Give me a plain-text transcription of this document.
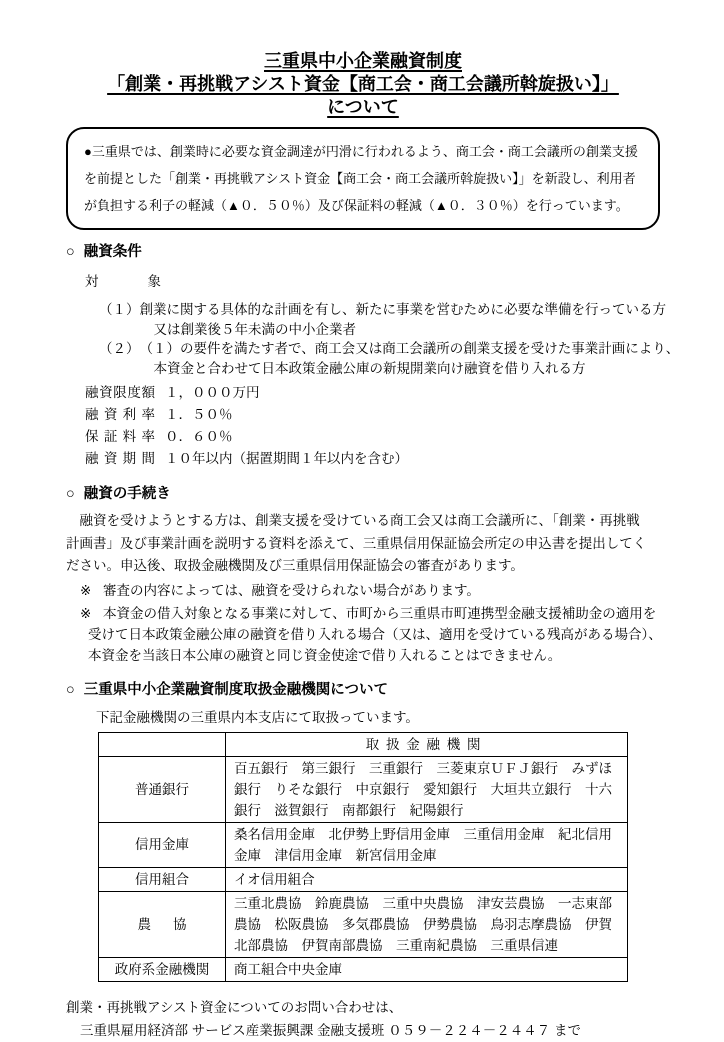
三重県中小企業融資制度
「創業・再挑戦アシスト資金【商工会・商工会議所斡旋扱い】」
について
●三重県では、創業時に必要な資金調達が円滑に行われるよう、商工会・商工会議所の創業支援
を前提とした「創業・再挑戦アシスト資金【商工会・商工会議所斡旋扱い】」を新設し、利用者
が負担する利子の軽減（▲０．５０％）及び保証料の軽減（▲０．３０％）を行っています。
○ 融資条件
対象
（１） 創業に関する具体的な計画を有し、新たに事業を営むために必要な準備を行っている方
又は創業後５年未満の中小企業者
（２） （１）の要件を満たす者で、商工会又は商工会議所の創業支援を受けた事業計画により、
本資金と合わせて日本政策金融公庫の新規開業向け融資を借り入れる方
融資限度額 １，０００万円
融資利率 １．５０％
保証料率 ０．６０％
融資期間 １０年以内（据置期間１年以内を含む）
○ 融資の手続き
　融資を受けようとする方は、創業支援を受けている商工会又は商工会議所に、「創業・再挑戦
計画書」及び事業計画を説明する資料を添えて、三重県信用保証協会所定の申込書を提出してく
ださい。申込後、取扱金融機関及び三重県信用保証協会の審査があります。
※ 審査の内容によっては、融資を受けられない場合があります。
※ 本資金の借入対象となる事業に対して、市町から三重県市町連携型金融支援補助金の適用を
受けて日本政策金融公庫の融資を借り入れる場合（又は、適用を受けている残高がある場合）、
本資金を当該日本公庫の融資と同じ資金使途で借り入れることはできません。
○ 三重県中小企業融資制度取扱金融機関について
下記金融機関の三重県内本支店にて取扱っています。
	取扱金融機関
普通銀行	百五銀行　第三銀行　三重銀行　三菱東京ＵＦＪ銀行　みずほ銀行　りそな銀行　中京銀行　愛知銀行　大垣共立銀行　十六銀行　滋賀銀行　南都銀行　紀陽銀行
信用金庫	桑名信用金庫　北伊勢上野信用金庫　三重信用金庫　紀北信用金庫　津信用金庫　新宮信用金庫
信用組合	イオ信用組合
農協	三重北農協　鈴鹿農協　三重中央農協　津安芸農協　一志東部農協　松阪農協　多気郡農協　伊勢農協　鳥羽志摩農協　伊賀北部農協　伊賀南部農協　三重南紀農協　三重県信連
政府系金融機関	商工組合中央金庫
創業・再挑戦アシスト資金についてのお問い合わせは、
三重県雇用経済部 サービス産業振興課 金融支援班 ０５９－２２４－２４４７ まで
